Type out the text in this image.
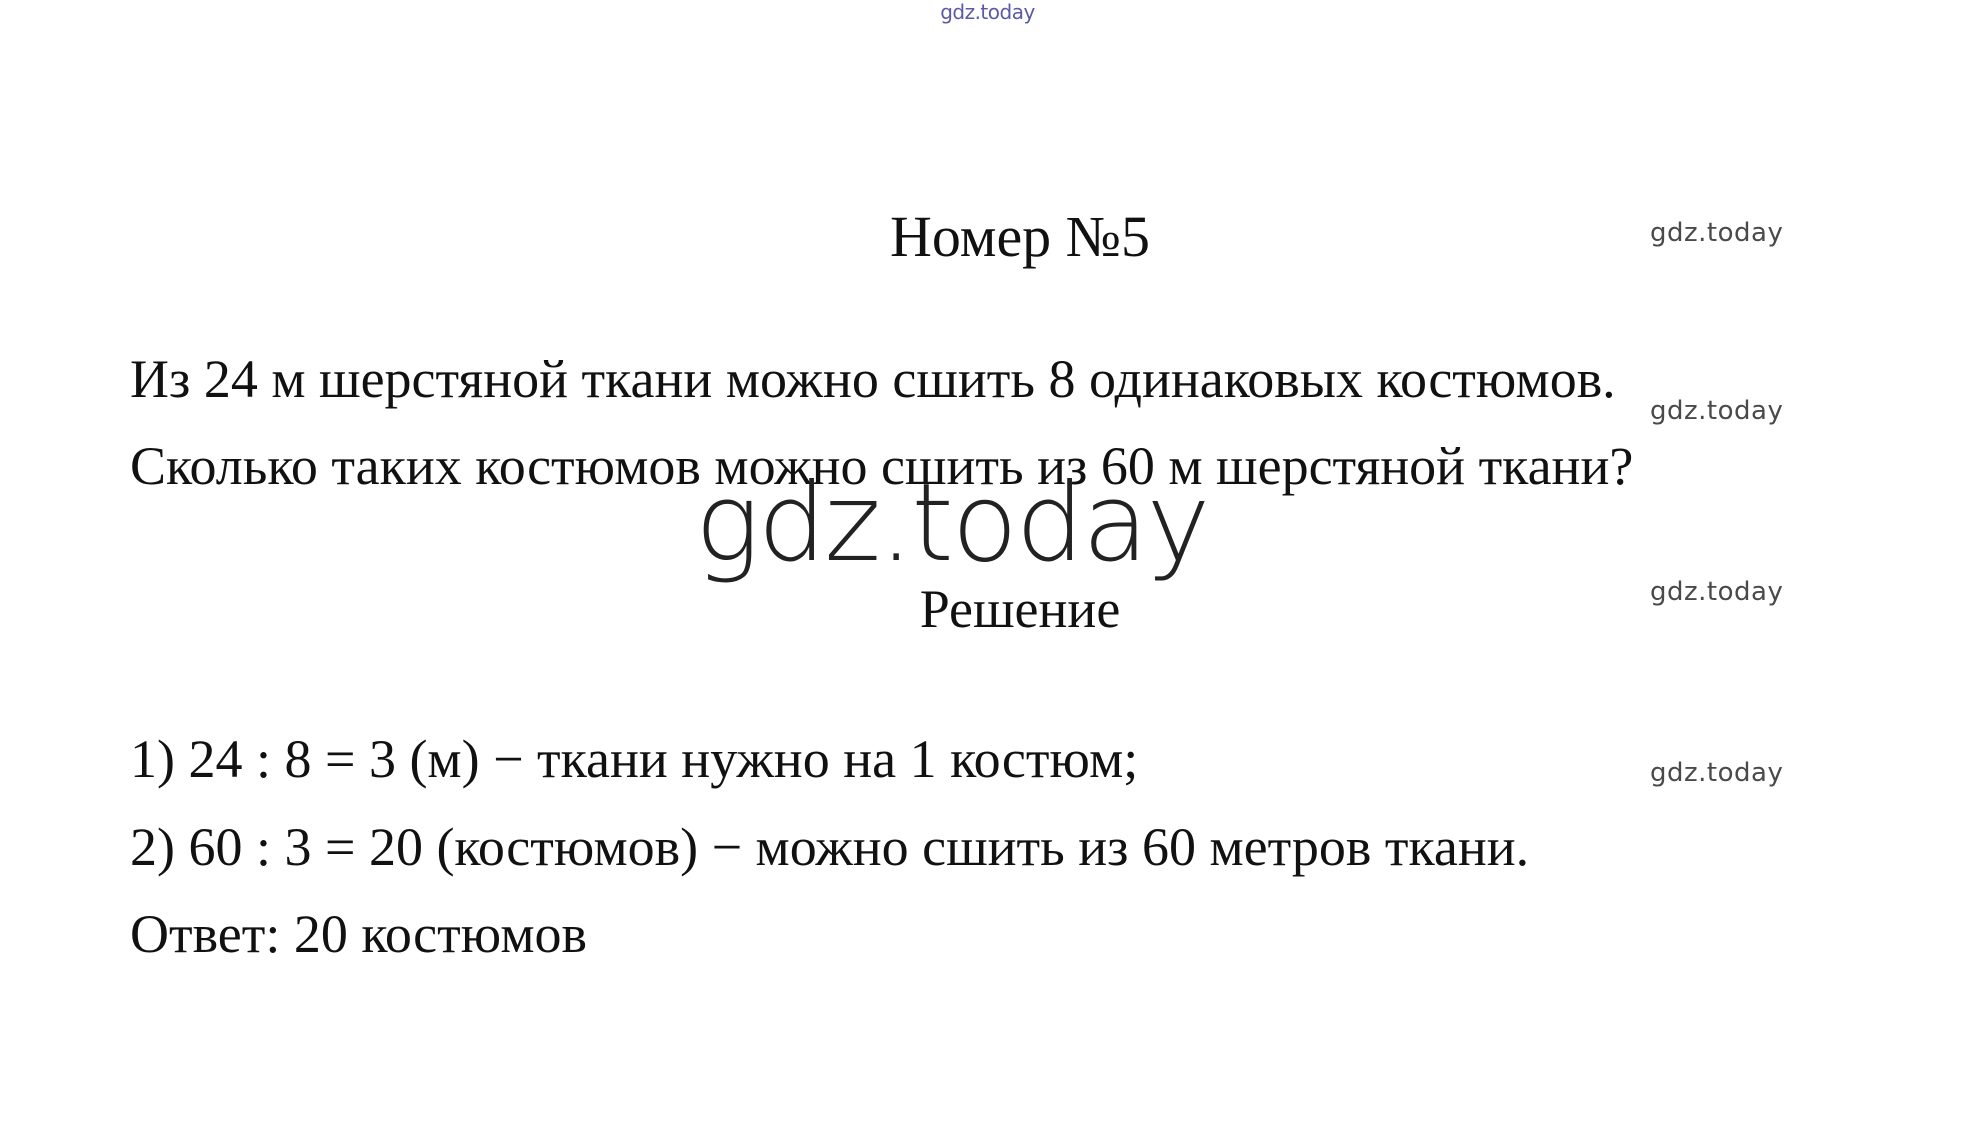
gdz.today
Номер №5	gdz.today
Из 24 м шерстяной ткани можно сшить 8 одинаковых костюмов.
gdz.today
Сколько таких костюмов можно сшить из 60 м шерстяной ткани?
gdz.today
Решение	gdz.today
1) 24 : 8 = 3 (м) − ткани нужно на 1 костюм;	gdz.today
2) 60 : 3 = 20 (костюмов) − можно сшить из 60 метров ткани.
Ответ: 20 костюмов
